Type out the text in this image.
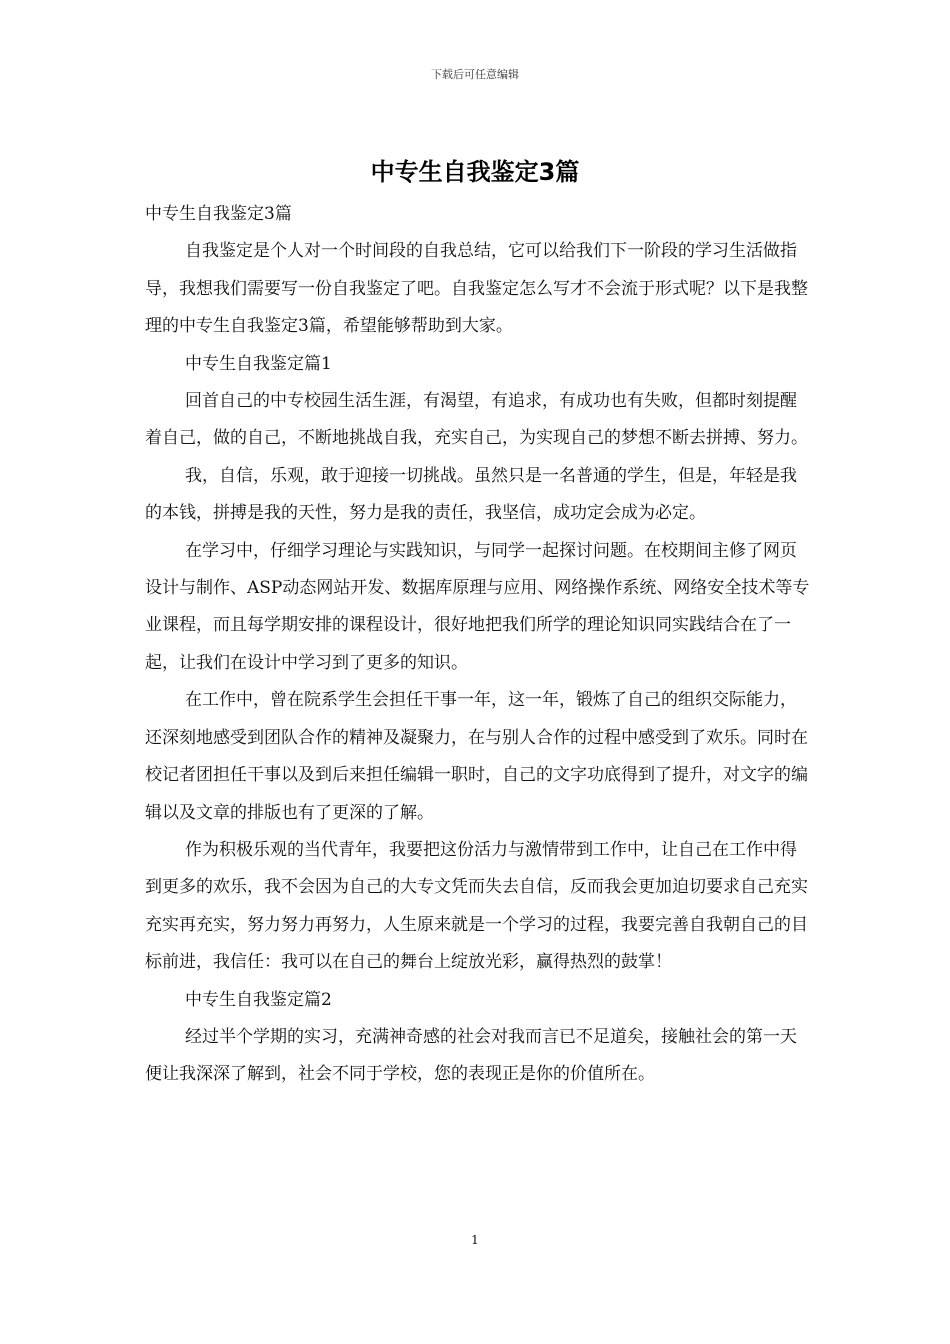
下载后可任意编辑
中专生自我鉴定3篇

中专生自我鉴定3篇

自我鉴定是个人对一个时间段的自我总结，它可以给我们下一阶段的学习生活做指导，我想我们需要写一份自我鉴定了吧。自我鉴定怎么写才不会流于形式呢？以下是我整理的中专生自我鉴定3篇，希望能够帮助到大家。

中专生自我鉴定篇1

回首自己的中专校园生活生涯，有渴望，有追求，有成功也有失败，但都时刻提醒着自己，做的自己，不断地挑战自我，充实自己，为实现自己的梦想不断去拼搏、努力。

我，自信，乐观，敢于迎接一切挑战。虽然只是一名普通的学生，但是，年轻是我的本钱，拼搏是我的天性，努力是我的责任，我坚信，成功定会成为必定。

在学习中，仔细学习理论与实践知识，与同学一起探讨问题。在校期间主修了网页设计与制作、ASP动态网站开发、数据库原理与应用、网络操作系统、网络安全技术等专业课程，而且每学期安排的课程设计，很好地把我们所学的理论知识同实践结合在了一起，让我们在设计中学习到了更多的知识。

在工作中，曾在院系学生会担任干事一年，这一年，锻炼了自己的组织交际能力，还深刻地感受到团队合作的精神及凝聚力，在与别人合作的过程中感受到了欢乐。同时在校记者团担任干事以及到后来担任编辑一职时，自己的文字功底得到了提升，对文字的编辑以及文章的排版也有了更深的了解。

作为积极乐观的当代青年，我要把这份活力与激情带到工作中，让自己在工作中得到更多的欢乐，我不会因为自己的大专文凭而失去自信，反而我会更加迫切要求自己充实充实再充实，努力努力再努力，人生原来就是一个学习的过程，我要完善自我朝自己的目标前进，我信任：我可以在自己的舞台上绽放光彩，赢得热烈的鼓掌！

中专生自我鉴定篇2

经过半个学期的实习，充满神奇感的社会对我而言已不足道矣，接触社会的第一天便让我深深了解到，社会不同于学校，您的表现正是你的价值所在。

1
